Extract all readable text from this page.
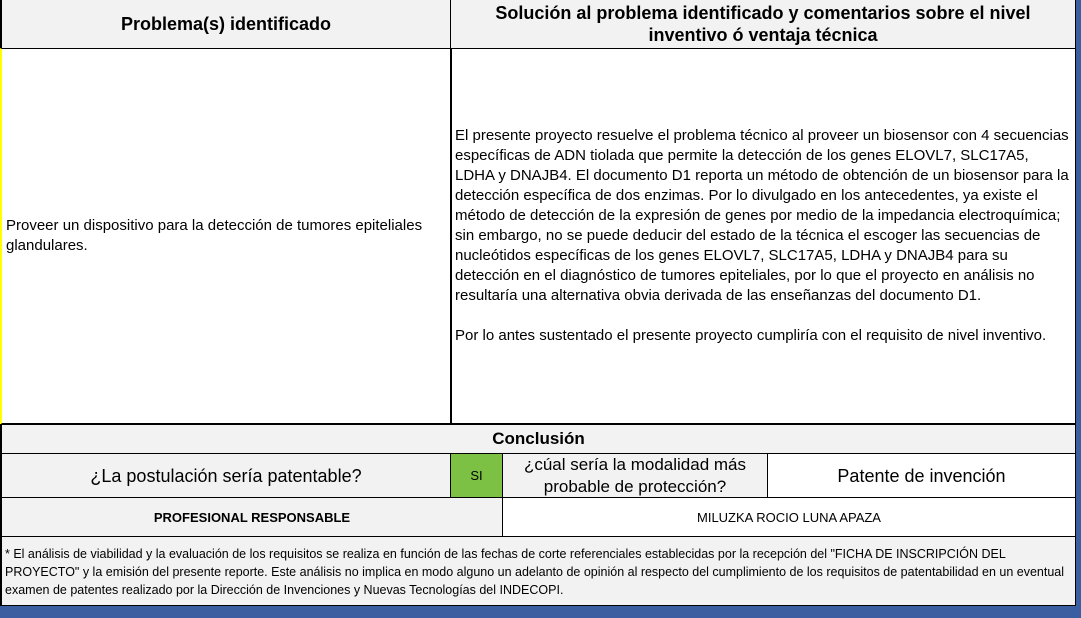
Problema(s) identificado
Solución al problema identificado y comentarios sobre el nivel inventivo ó ventaja técnica
Proveer un dispositivo para la detección de tumores epiteliales glandulares.

El presente proyecto resuelve el problema técnico al proveer un biosensor con 4 secuencias específicas de ADN tiolada que permite la detección de los genes ELOVL7, SLC17A5, LDHA y DNAJB4. El documento D1 reporta un método de obtención de un biosensor para la detección específica de dos enzimas. Por lo divulgado en los antecedentes, ya existe el método de detección de la expresión de genes por medio de la impedancia electroquímica; sin embargo, no se puede deducir del estado de la técnica el escoger las secuencias de nucleótidos específicas de los genes ELOVL7, SLC17A5, LDHA y DNAJB4 para su detección en el diagnóstico de tumores epiteliales, por lo que el proyecto en análisis no resultaría una alternativa obvia derivada de las enseñanzas del documento D1.

Por lo antes sustentado el presente proyecto cumpliría con el requisito de nivel inventivo.

Conclusión
¿La postulación sería patentable?	SI
¿cúal sería la modalidad más probable de protección?
Patente de invención
PROFESIONAL RESPONSABLE	MILUZKA ROCIO LUNA APAZA
* El análisis de viabilidad y la evaluación de los requisitos se realiza en función de las fechas de corte referenciales establecidas por la recepción del "FICHA DE INSCRIPCIÓN DEL PROYECTO" y la emisión del presente reporte. Este análisis no implica en modo alguno un adelanto de opinión al respecto del cumplimiento de los requisitos de patentabilidad en un eventual examen de patentes realizado por la Dirección de Invenciones y Nuevas Tecnologías del INDECOPI.
